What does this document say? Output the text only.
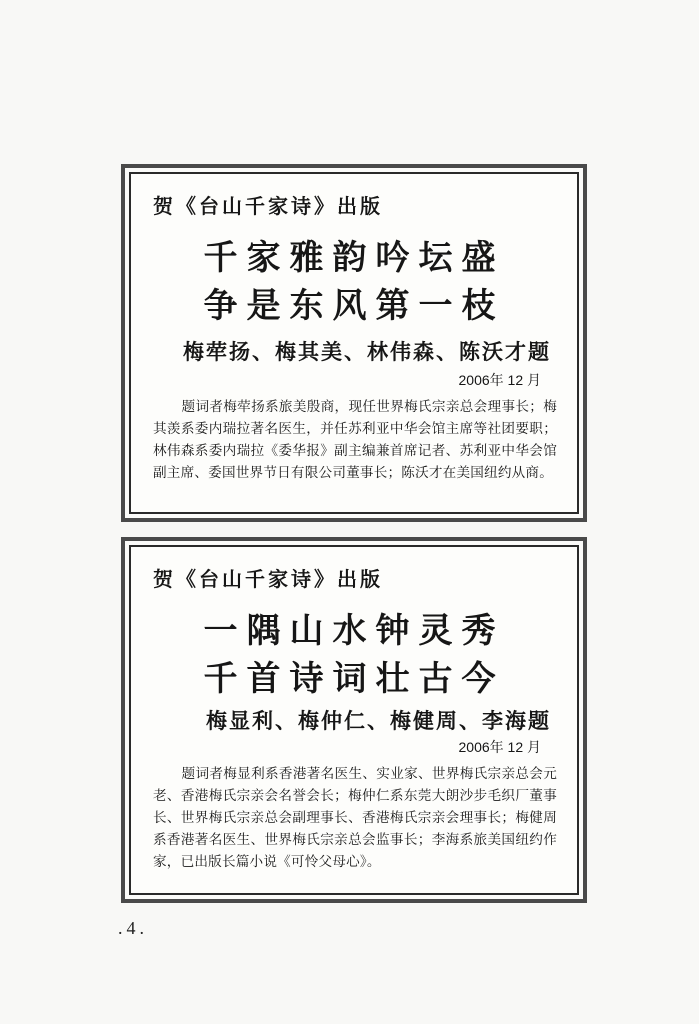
贺《台山千家诗》出版
千家雅韵吟坛盛
争是东风第一枝
梅荦扬、梅其美、林伟森、陈沃才题
2006年 12 月
题词者梅荦扬系旅美殷商，现任世界梅氏宗亲总会理事长；梅其羡系委内瑞拉著名医生，并任苏利亚中华会馆主席等社团要职；林伟森系委内瑞拉《委华报》副主编兼首席记者、苏利亚中华会馆副主席、委国世界节日有限公司董事长；陈沃才在美国纽约从商。
贺《台山千家诗》出版
一隅山水钟灵秀
千首诗词壮古今
梅显利、梅仲仁、梅健周、李海题
2006年 12 月
题词者梅显利系香港著名医生、实业家、世界梅氏宗亲总会元老、香港梅氏宗亲会名誉会长；梅仲仁系东莞大朗沙步毛织厂董事长、世界梅氏宗亲总会副理事长、香港梅氏宗亲会理事长；梅健周系香港著名医生、世界梅氏宗亲总会监事长；李海系旅美国纽约作家，已出版长篇小说《可怜父母心》。
.4.
